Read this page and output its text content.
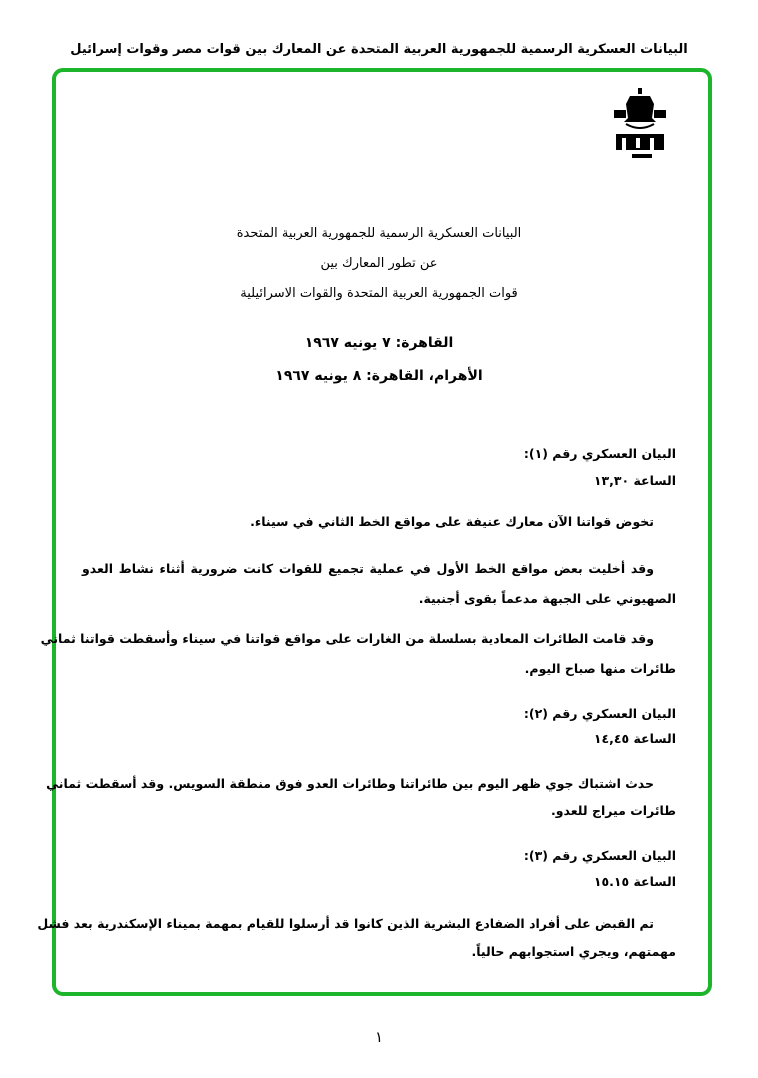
البيانات العسكرية الرسمية للجمهورية العربية المتحدة عن المعارك بين قوات مصر وقوات إسرائيل
البيانات العسكرية الرسمية للجمهورية العربية المتحدة
عن تطور المعارك بين
قوات الجمهورية العربية المتحدة والقوات الاسرائيلية
القاهرة: ٧ يونيه ١٩٦٧
الأهرام، القاهرة: ٨ يونيه ١٩٦٧
البيان العسكري رقم (١):
الساعة ١٣,٣٠
تخوض قواتنا الآن معارك عنيفة على مواقع الخط الثاني في سيناء.
وقد أخليت بعض مواقع الخط الأول في عملية تجميع للقوات كانت ضرورية أثناء نشاط العدو
الصهيوني على الجبهة مدعماً بقوى أجنبية.
وقد قامت الطائرات المعادية بسلسلة من الغارات على مواقع قواتنا في سيناء وأسقطت قواتنا ثماني
طائرات منها صباح اليوم.
البيان العسكري رقم (٢):
الساعة ١٤,٤٥
حدث اشتباك جوي ظهر اليوم بين طائراتنا وطائرات العدو فوق منطقة السويس. وقد أسقطت ثماني
طائرات ميراج للعدو.
البيان العسكري رقم (٣):
الساعة ١٥.١٥
تم القبض على أفراد الضفادع البشرية الذين كانوا قد أرسلوا للقيام بمهمة بميناء الإسكندرية بعد فشل
مهمتهم، ويجري استجوابهم حالياً.
١
